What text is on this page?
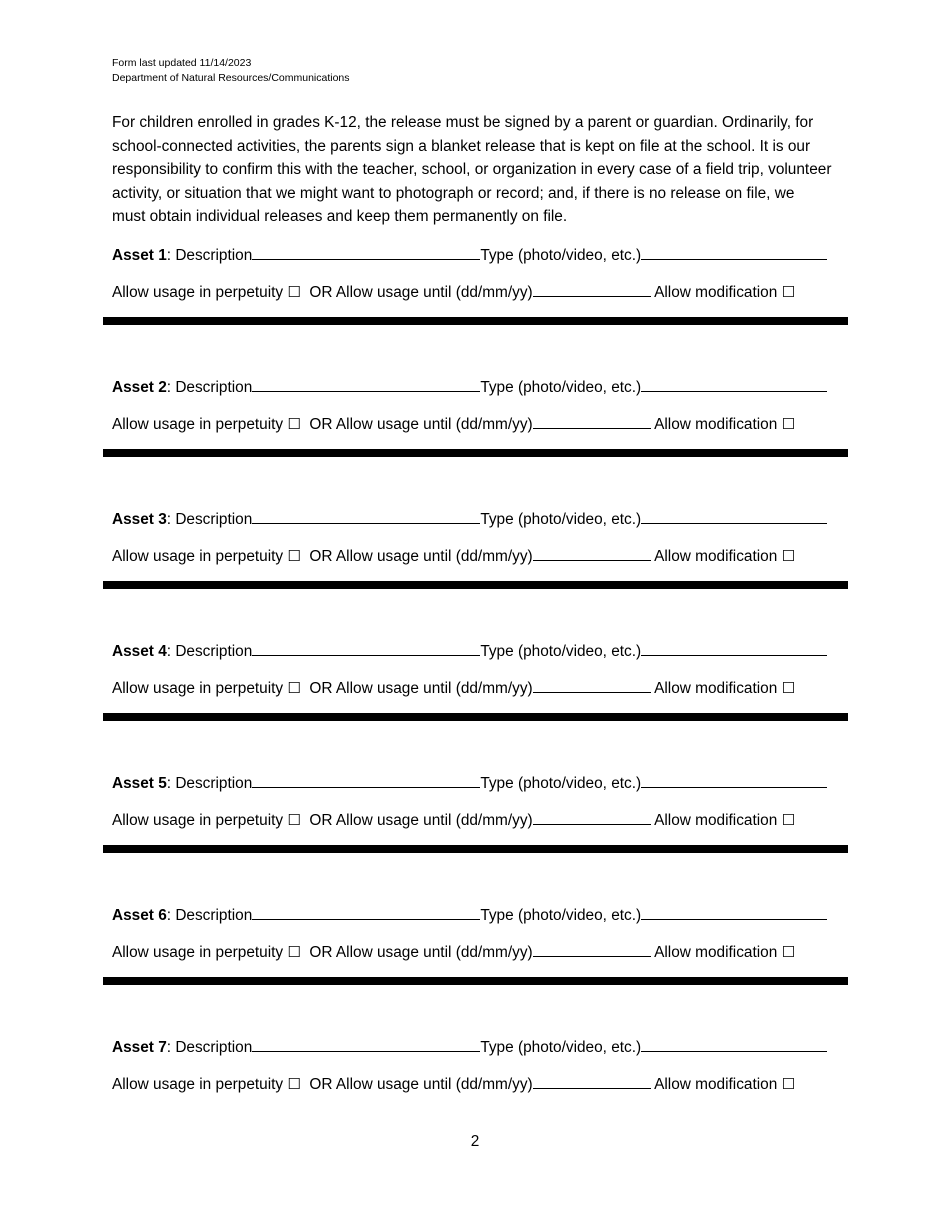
Form last updated 11/14/2023
Department of Natural Resources/Communications

For children enrolled in grades K-12, the release must be signed by a parent or guardian. Ordinarily, for school-connected activities, the parents sign a blanket release that is kept on file at the school. It is our responsibility to confirm this with the teacher, school, or organization in every case of a field trip, volunteer activity, or situation that we might want to photograph or record; and, if there is no release on file, we must obtain individual releases and keep them permanently on file.

Asset 1: Description	Type (photo/video, etc.)
Allow usage in perpetuity ☐ OR Allow usage until (dd/mm/yy)	Allow modification ☐
Asset 2: Description	Type (photo/video, etc.)
Allow usage in perpetuity ☐ OR Allow usage until (dd/mm/yy)	Allow modification ☐
Asset 3: Description	Type (photo/video, etc.)
Allow usage in perpetuity ☐ OR Allow usage until (dd/mm/yy)	Allow modification ☐
Asset 4: Description	Type (photo/video, etc.)
Allow usage in perpetuity ☐ OR Allow usage until (dd/mm/yy)	Allow modification ☐
Asset 5: Description	Type (photo/video, etc.)
Allow usage in perpetuity ☐ OR Allow usage until (dd/mm/yy)	Allow modification ☐
Asset 6: Description	Type (photo/video, etc.)
Allow usage in perpetuity ☐ OR Allow usage until (dd/mm/yy)	Allow modification ☐
Asset 7: Description	Type (photo/video, etc.)
Allow usage in perpetuity ☐ OR Allow usage until (dd/mm/yy)	Allow modification ☐
2
